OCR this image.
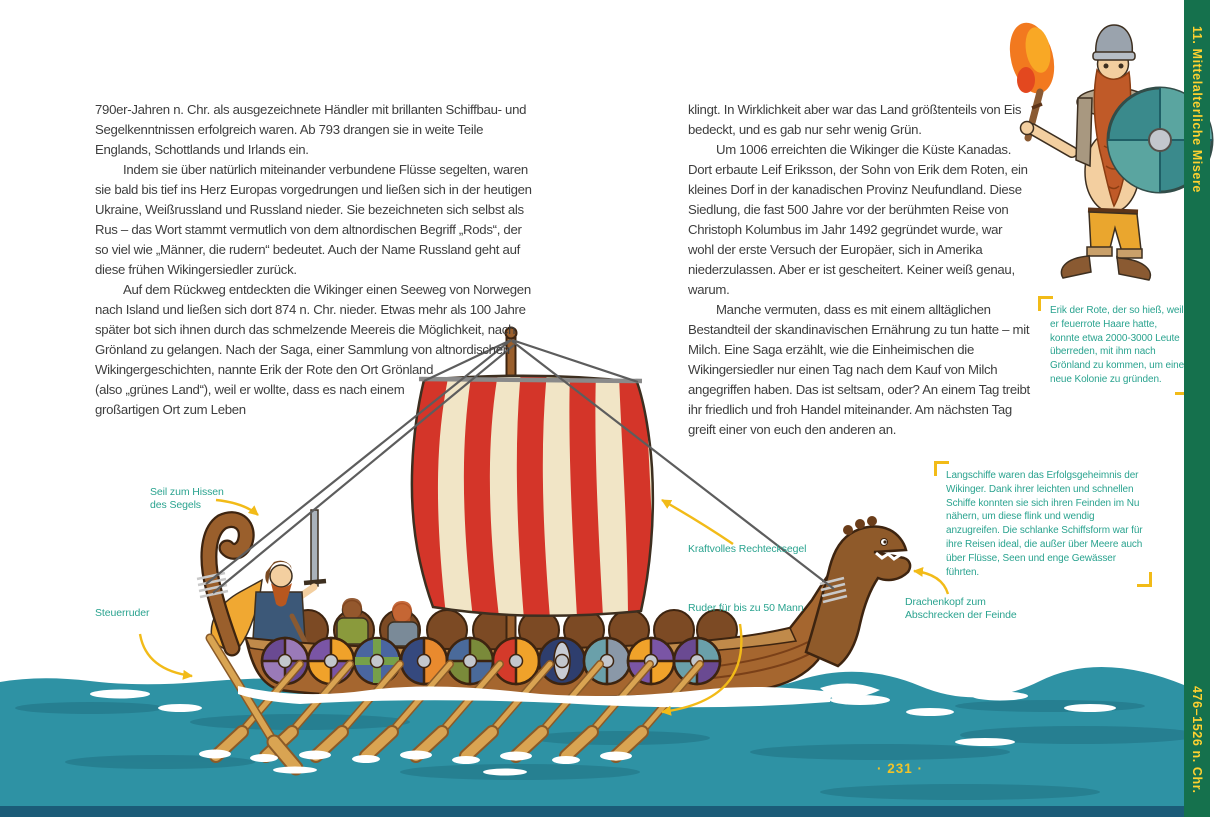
790er-Jahren n. Chr. als ausgezeichnete Händler mit brillanten Schiffbau- und Segelkenntnissen erfolgreich waren. Ab 793 drangen sie in weite Teile Englands, Schottlands und Irlands ein.

Indem sie über natürlich miteinander verbundene Flüsse segelten, waren sie bald bis tief ins Herz Europas vorgedrungen und ließen sich in der heutigen Ukraine, Weißrussland und Russland nieder. Sie bezeichneten sich selbst als Rus – das Wort stammt vermutlich von dem altnordischen Begriff „Rods“, der so viel wie „Männer, die rudern“ bedeutet. Auch der Name Russland geht auf diese frühen Wikingersiedler zurück.

Auf dem Rückweg entdeckten die Wikinger einen Seeweg von Norwegen nach Island und ließen sich dort 874 n. Chr. nieder. Etwas mehr als 100 Jahre später bot sich ihnen durch das schmelzende Meereis die Möglichkeit, nach Grönland zu gelangen. Nach der Saga, einer Sammlung von altnordischen Wikingergeschichten, nannte Erik der Rote den Ort Grönland (also „grünes Land“), weil er wollte, dass es nach einem großartigen Ort zum Leben

klingt. In Wirklichkeit aber war das Land größtenteils von Eis bedeckt, und es gab nur sehr wenig Grün.

Um 1006 erreichten die Wikinger die Küste Kanadas. Dort erbaute Leif Eriksson, der Sohn von Erik dem Roten, ein kleines Dorf in der kanadischen Provinz Neufundland. Diese Siedlung, die fast 500 Jahre vor der berühmten Reise von Christoph Kolumbus im Jahr 1492 gegründet wurde, war wohl der erste Versuch der Europäer, sich in Amerika niederzulassen. Aber er ist gescheitert. Keiner weiß genau, warum.

Manche vermuten, dass es mit einem alltäglichen Bestandteil der skandinavischen Ernährung zu tun hatte – mit Milch. Eine Saga erzählt, wie die Einheimischen die Wikingersiedler nur einen Tag nach dem Kauf von Milch angegriffen haben. Das ist seltsam, oder? An einem Tag treibt ihr friedlich und froh Handel miteinander. Am nächsten Tag greift einer von euch den anderen an.

Erik der Rote, der so hieß, weil er feuerrote Haare hatte, konnte etwa 2000-3000 Leute überreden, mit ihm nach Grönland zu kommen, um eine neue Kolonie zu gründen.
Langschiffe waren das Erfolgsgeheimnis der Wikinger. Dank ihrer leichten und schnellen Schiffe konnten sie sich ihren Feinden im Nu nähern, um diese flink und wendig anzugreifen. Die schlanke Schiffsform war für ihre Reisen ideal, die außer über Meere auch über Flüsse, Seen und enge Gewässer führten.
Seil zum Hissen des Segels
Steuerruder
Kraftvolles Rechtecksegel
Ruder für bis zu 50 Mann	Drachenkopf zum Abschrecken der Feinde
· 231 ·
11. Mittelalterliche Misere
476–1526 n. Chr.
